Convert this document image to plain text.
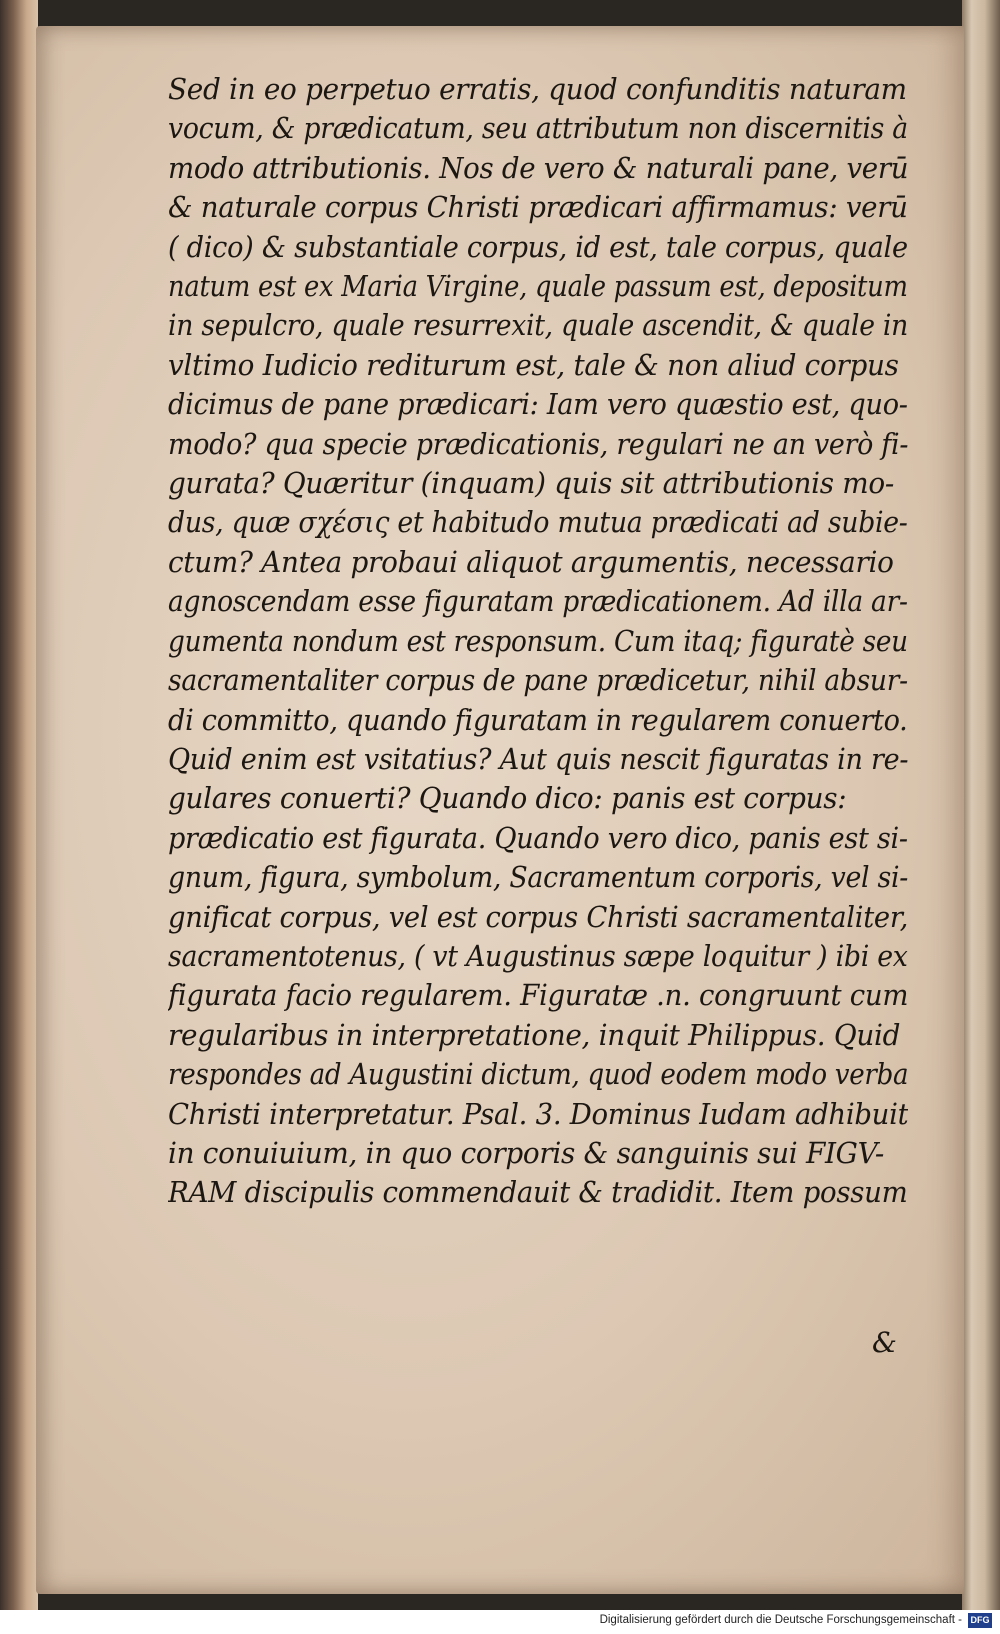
Sed in eo perpetuo erratis, quod confunditis naturam
vocum, & prædicatum, seu attributum non discernitis à
modo attributionis. Nos de vero & naturali pane, verū
& naturale corpus Christi prædicari affirmamus: verū
( dico) & substantiale corpus, id est, tale corpus, quale
natum est ex Maria Virgine, quale passum est, depositum
in sepulcro, quale resurrexit, quale ascendit, & quale in
vltimo Iudicio rediturum est, tale & non aliud corpus
dicimus de pane prædicari: Iam vero quæstio est, quo-
modo? qua specie prædicationis, regulari ne an verò fi-
gurata? Quæritur (inquam) quis sit attributionis mo-
dus, quæ σχέσις et habitudo mutua prædicati ad subie-
ctum? Antea probaui aliquot argumentis, necessario
agnoscendam esse figuratam prædicationem. Ad illa ar-
gumenta nondum est responsum. Cum itaq; figuratè seu
sacramentaliter corpus de pane prædicetur, nihil absur-
di committo, quando figuratam in regularem conuerto.
Quid enim est vsitatius? Aut quis nescit figuratas in re-
gulares conuerti? Quando dico: panis est corpus:
prædicatio est figurata. Quando vero dico, panis est si-
gnum, figura, symbolum, Sacramentum corporis, vel si-
gnificat corpus, vel est corpus Christi sacramentaliter,
sacramentotenus, ( vt Augustinus sæpe loquitur ) ibi ex
figurata facio regularem. Figuratæ .n. congruunt cum
regularibus in interpretatione, inquit Philippus. Quid
respondes ad Augustini dictum, quod eodem modo verba
Christi interpretatur. Psal. 3. Dominus Iudam adhibuit
in conuiuium, in quo corporis & sanguinis sui FIGV-
RAM discipulis commendauit & tradidit. Item possum
&
Digitalisierung gefördert durch die Deutsche Forschungsgemeinschaft - DFG
